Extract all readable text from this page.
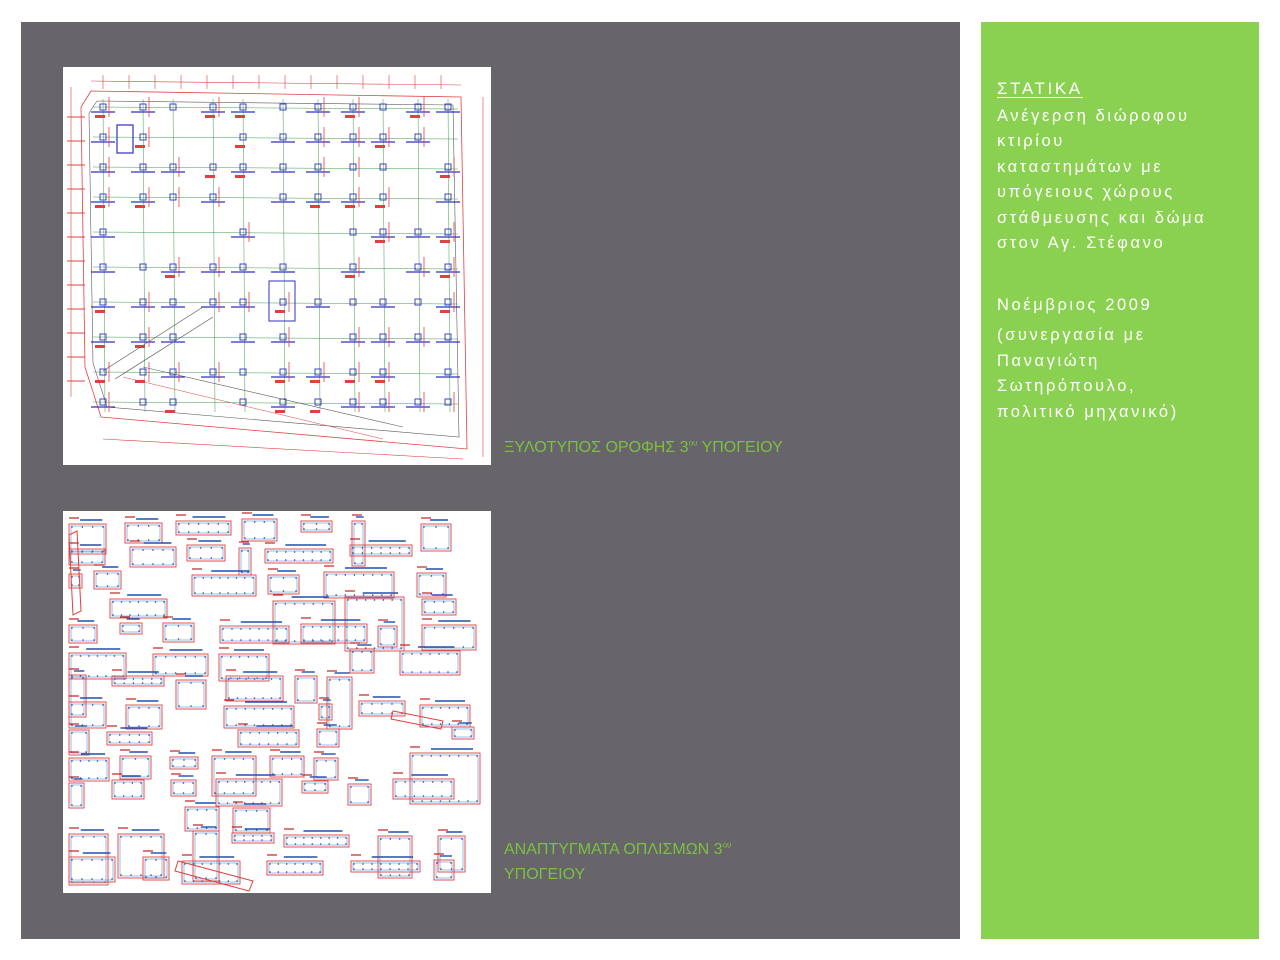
ΞΥΛΟΤΥΠΟΣ ΟΡΟΦΗΣ $3^{o\upsilon}$ ΥΠΟΓΕΙΟΥ
ΑΝΑΠΤΥΓΜΑΤΑ ΟΠΛΙΣΜΩΝ $3^{o\upsilon}$ ΥΠΟΓΕΙΟΥ

ΣΤΑΤΙΚΑ

Ανέγερση διώροφου

κτιρίου

καταστημάτων με

υπόγειους χώρους

στάθμευσης και δώμα

στον Αγ. Στέφανο

Νοέμβριος 2009

(συνεργασία με

Παναγιώτη

Σωτηρόπουλο,

πολιτικό μηχανικό)
